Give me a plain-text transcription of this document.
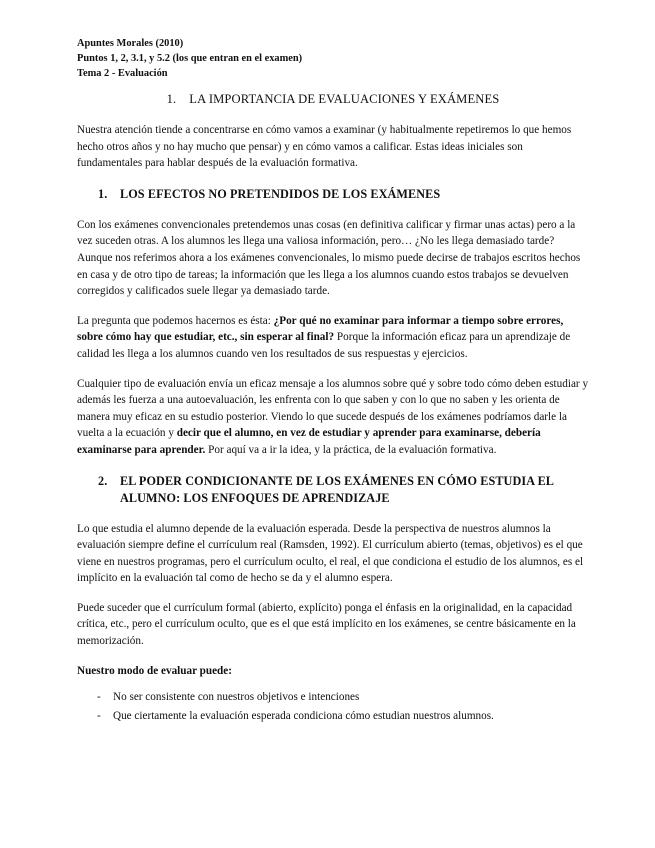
Apuntes Morales (2010)

Puntos 1, 2, 3.1, y 5.2 (los que entran en el examen)

Tema 2 - Evaluación

1. LA IMPORTANCIA DE EVALUACIONES Y EXÁMENES

Nuestra atención tiende a concentrarse en cómo vamos a examinar (y habitualmente repetiremos lo que hemos hecho otros años y no hay mucho que pensar) y en cómo vamos a calificar. Estas ideas iniciales son fundamentales para hablar después de la evaluación formativa.

1. LOS EFECTOS NO PRETENDIDOS DE LOS EXÁMENES

Con los exámenes convencionales pretendemos unas cosas (en definitiva calificar y firmar unas actas) pero a la vez suceden otras. A los alumnos les llega una valiosa información, pero… ¿No les llega demasiado tarde? Aunque nos referimos ahora a los exámenes convencionales, lo mismo puede decirse de trabajos escritos hechos en casa y de otro tipo de tareas; la información que les llega a los alumnos cuando estos trabajos se devuelven corregidos y calificados suele llegar ya demasiado tarde.

La pregunta que podemos hacernos es ésta: ¿Por qué no examinar para informar a tiempo sobre errores, sobre cómo hay que estudiar, etc., sin esperar al final? Porque la información eficaz para un aprendizaje de calidad les llega a los alumnos cuando ven los resultados de sus respuestas y ejercicios.

Cualquier tipo de evaluación envía un eficaz mensaje a los alumnos sobre qué y sobre todo cómo deben estudiar y además les fuerza a una autoevaluación, les enfrenta con lo que saben y con lo que no saben y les orienta de manera muy eficaz en su estudio posterior. Viendo lo que sucede después de los exámenes podríamos darle la vuelta a la ecuación y decir que el alumno, en vez de estudiar y aprender para examinarse, debería examinarse para aprender. Por aquí va a ir la idea, y la práctica, de la evaluación formativa.

2.	EL PODER CONDICIONANTE DE LOS EXÁMENES EN CÓMO ESTUDIA EL ALUMNO: LOS ENFOQUES DE APRENDIZAJE

Lo que estudia el alumno depende de la evaluación esperada. Desde la perspectiva de nuestros alumnos la evaluación siempre define el currículum real (Ramsden, 1992). El currículum abierto (temas, objetivos) es el que viene en nuestros programas, pero el currículum oculto, el real, el que condiciona el estudio de los alumnos, es el implícito en la evaluación tal como de hecho se da y el alumno espera.

Puede suceder que el currículum formal (abierto, explícito) ponga el énfasis en la originalidad, en la capacidad crítica, etc., pero el currículum oculto, que es el que está implícito en los exámenes, se centre básicamente en la memorización.

Nuestro modo de evaluar puede:

-	No ser consistente con nuestros objetivos e intenciones
-	Que ciertamente la evaluación esperada condiciona cómo estudian nuestros alumnos.
